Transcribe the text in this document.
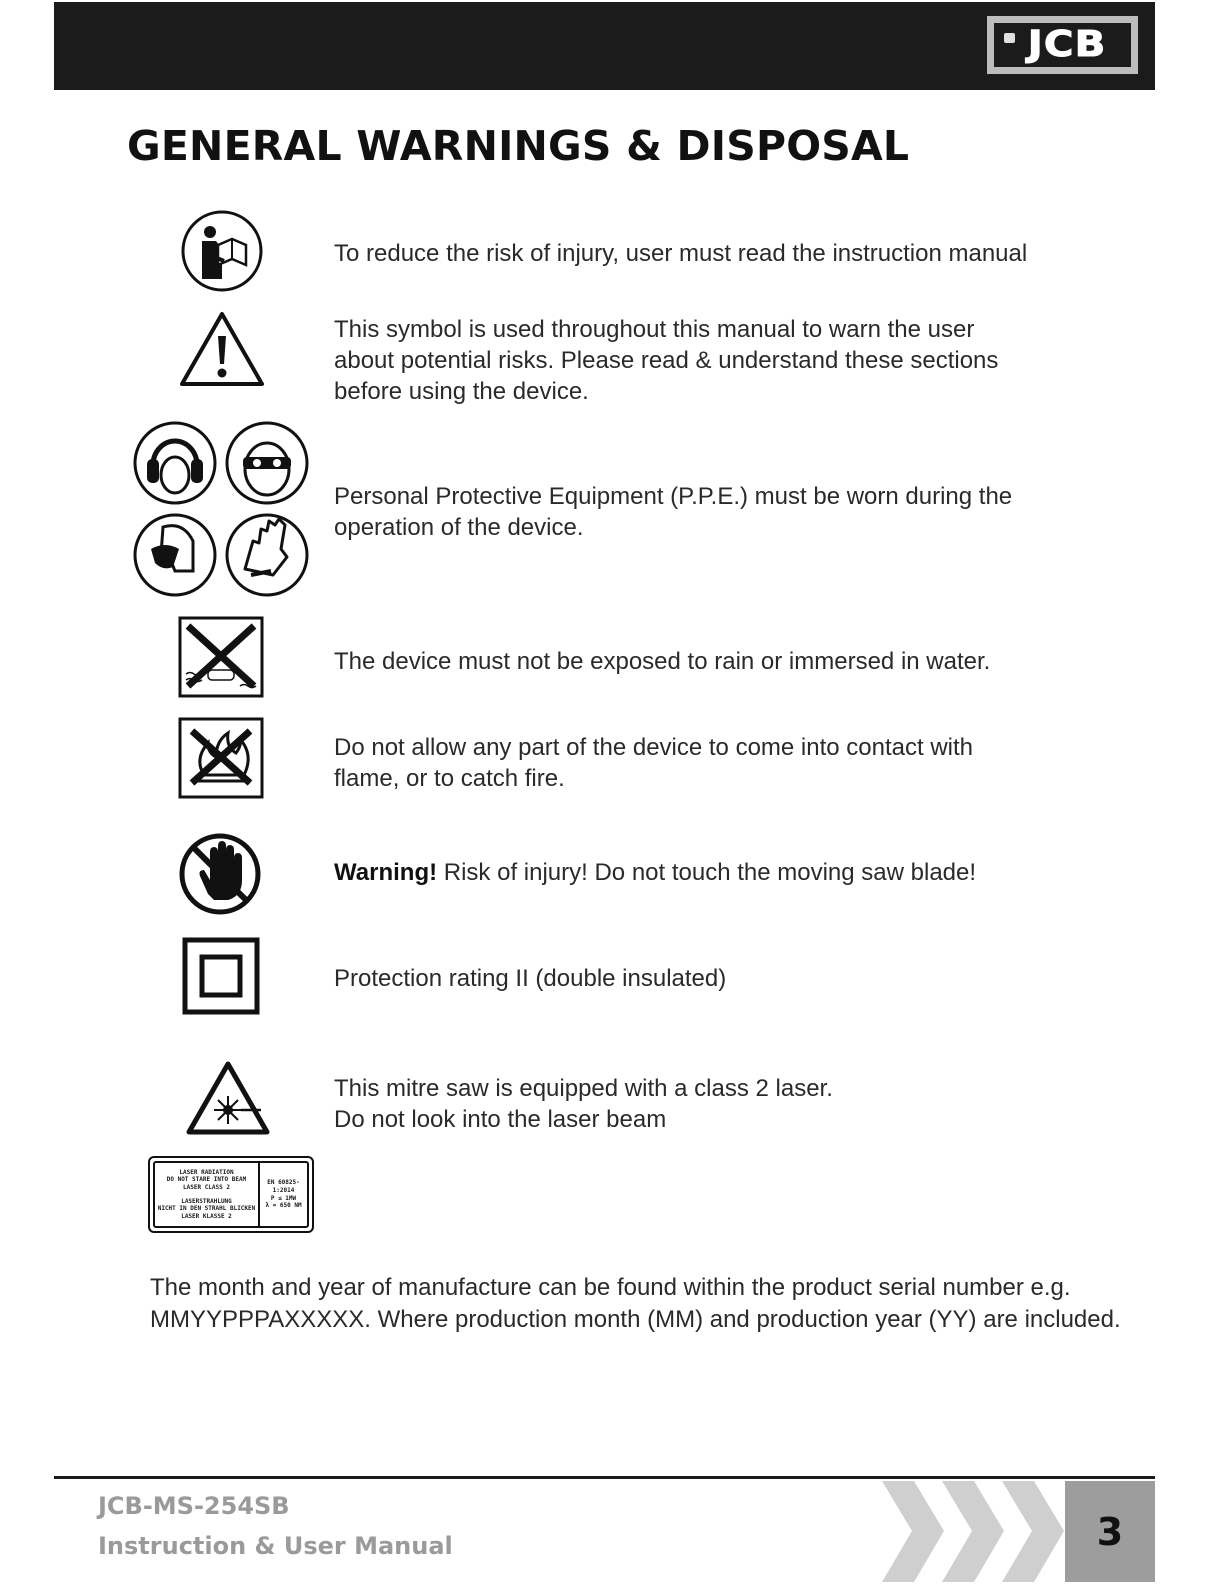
JCB
GENERAL WARNINGS & DISPOSAL
To reduce the risk of injury, user must read the instruction manual
This symbol is used throughout this manual to warn the user
about potential risks. Please read & understand these sections
before using the device.
Personal Protective Equipment (P.P.E.) must be worn during the
operation of the device.
The device must not be exposed to rain or immersed in water.
Do not allow any part of the device to come into contact with
flame, or to catch fire.
Warning! Risk of injury! Do not touch the moving saw blade!
Protection rating II (double insulated)
This mitre saw is equipped with a class 2 laser.
Do not look into the laser beam
LASER RADIATION
DO NOT STARE INTO BEAM
LASER CLASS 2
LASERSTRAHLUNG
NICHT IN DEN STRAHL BLICKEN
LASER KLASSE 2
EN 60825-1:2014
P ≤ 1MW
λ = 650 NM
The month and year of manufacture can be found within the product serial number e.g.
MMYYPPPAXXXXX. Where production month (MM) and production year (YY) are included.

JCB-MS-254SB

Instruction & User Manual	3
